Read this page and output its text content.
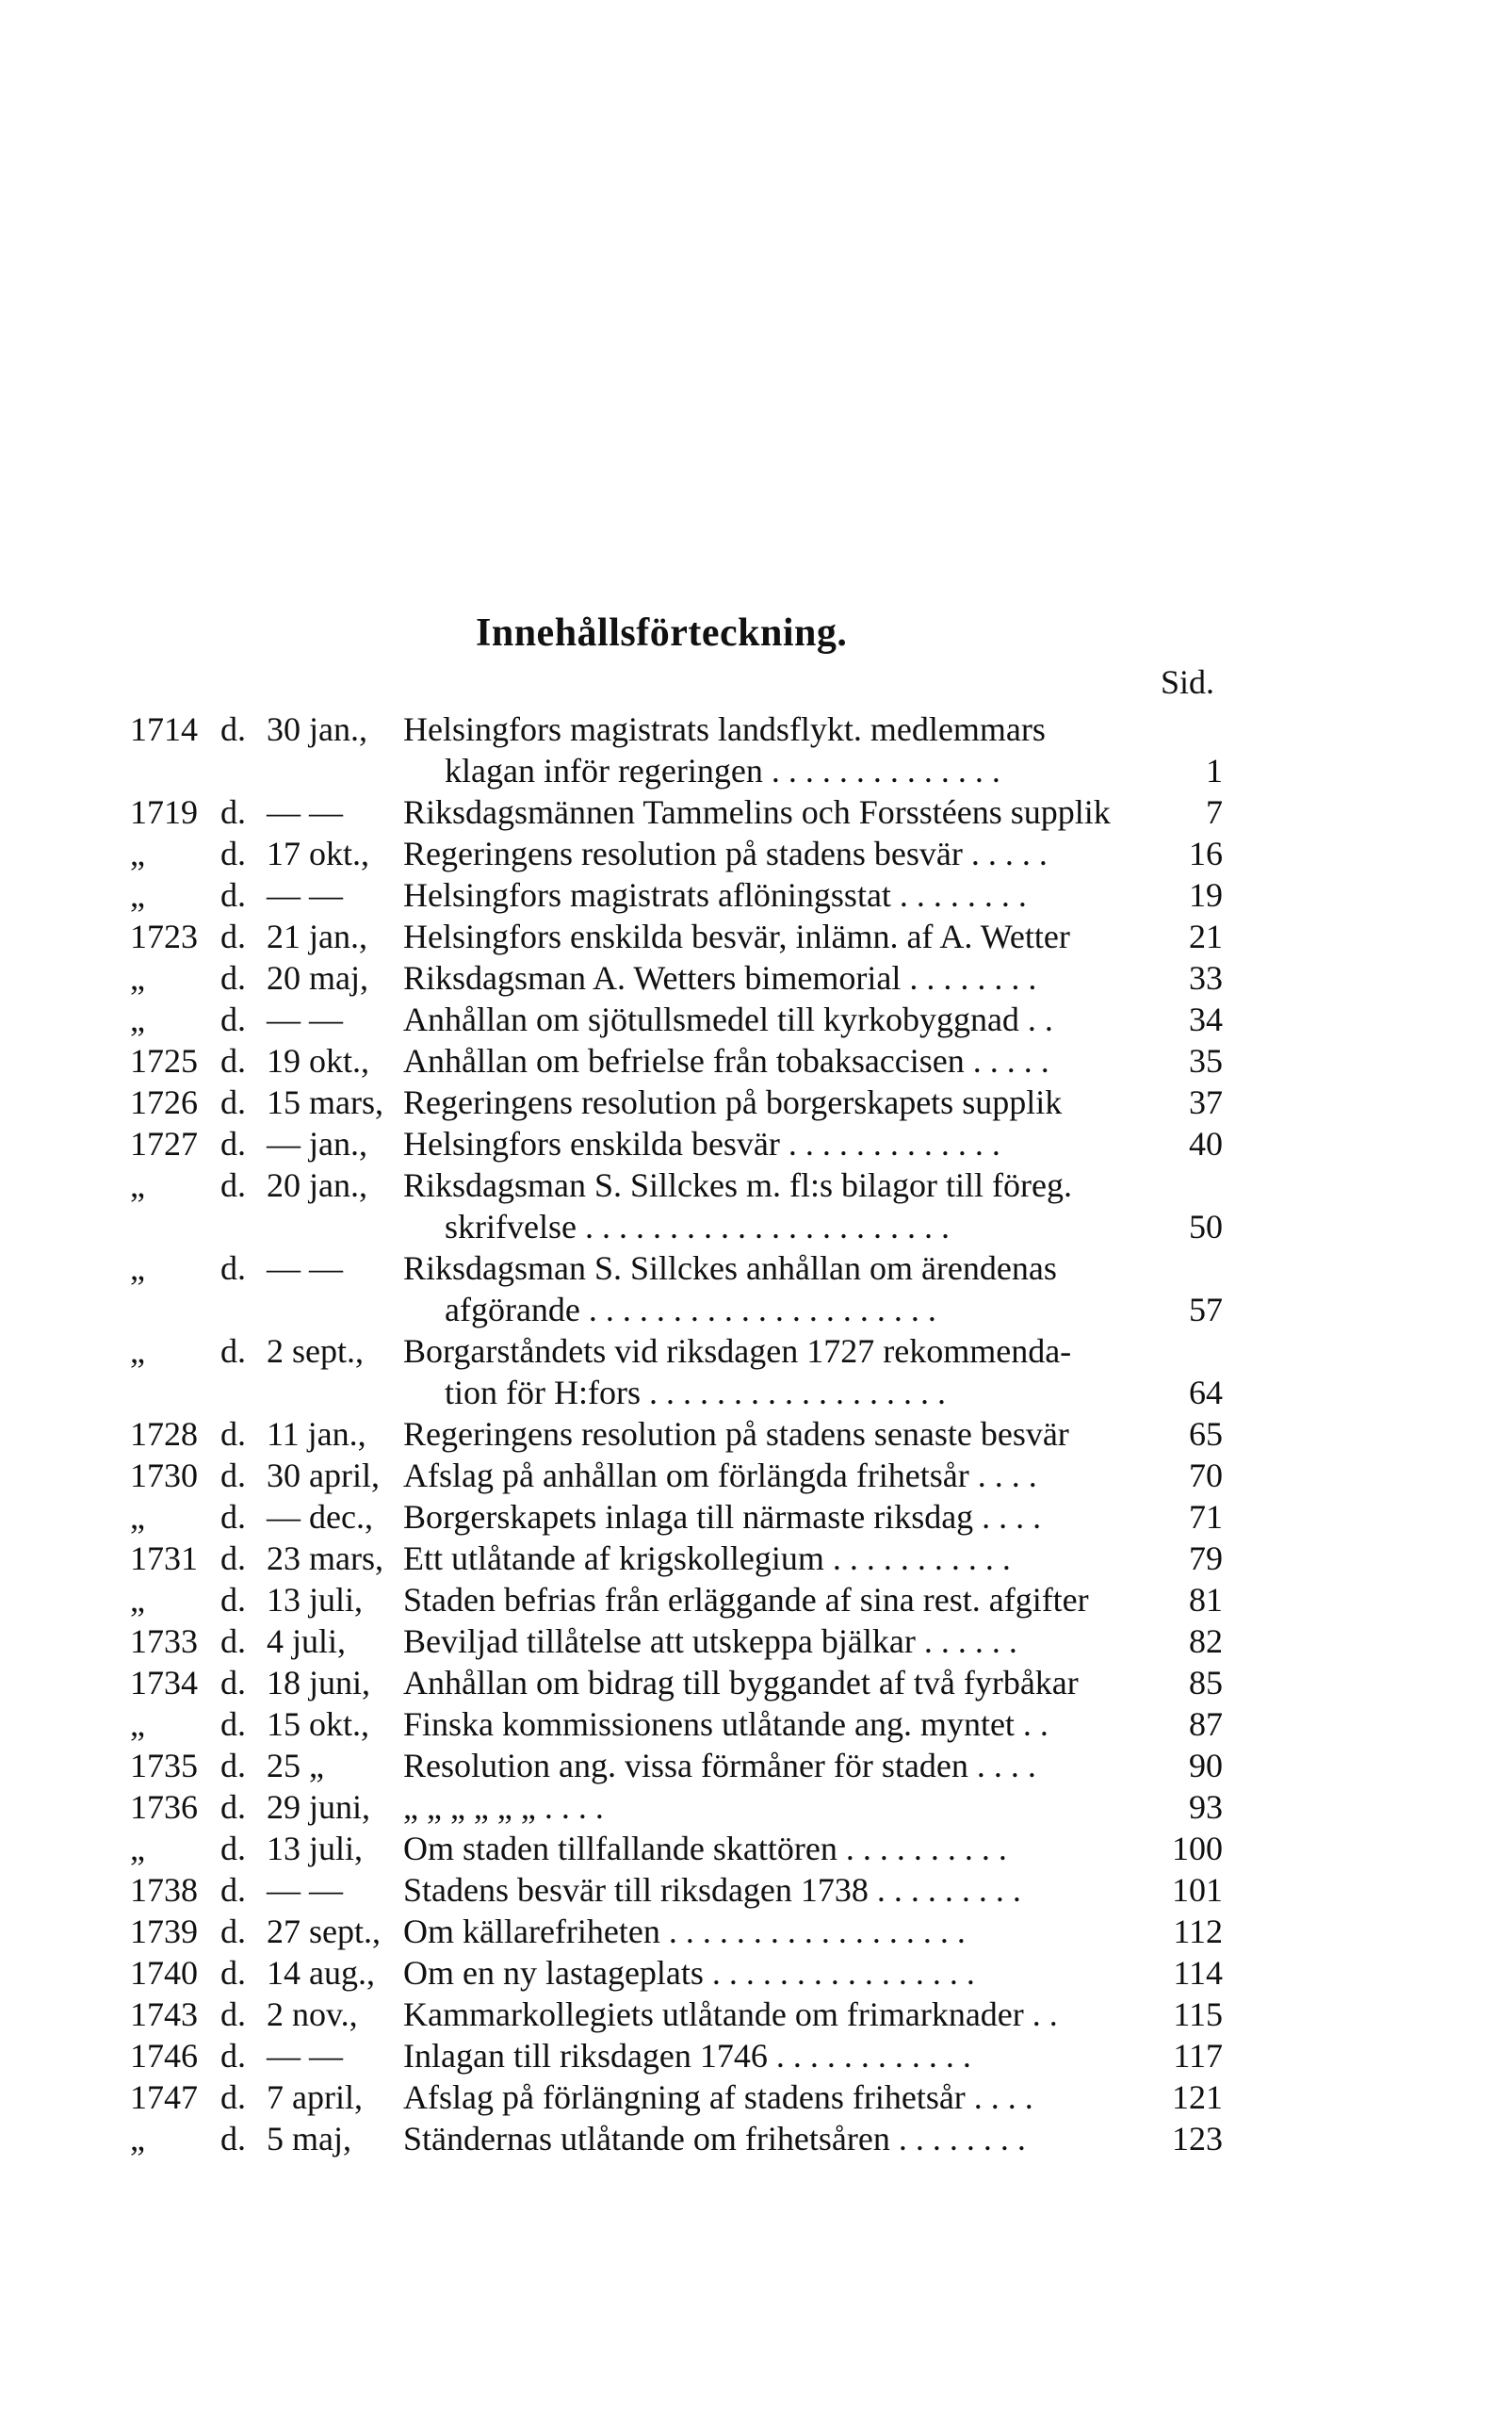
Innehållsförteckning.
Sid.
1714 d. 30 jan.,	Helsingfors magistrats landsflykt. medlemmars
klagan inför regeringen . . . . . . . . . . . . . .	1
1719 d. — —	Riksdagsmännen Tammelins och Forsstéens supplik	7
„	d. 17 okt., Regeringens resolution på stadens besvär . . . . .	16
„	d. — —	Helsingfors magistrats aflöningsstat . . . . . . . .	19
1723 d. 21 jan.,	Helsingfors enskilda besvär, inlämn. af A. Wetter	21
„	d. 20 maj,	Riksdagsman A. Wetters bimemorial . . . . . . . .	33
„	d. — —	Anhållan om sjötullsmedel till kyrkobyggnad . .	34
1725 d. 19 okt., Anhållan om befrielse från tobaksaccisen . . . . .	35
1726 d. 15 mars, Regeringens resolution på borgerskapets supplik	37
1727 d. — jan.,	Helsingfors enskilda besvär . . . . . . . . . . . . .	40
„	d. 20 jan.,	Riksdagsman S. Sillckes m. fl:s bilagor till föreg.
skrifvelse . . . . . . . . . . . . . . . . . . . . . .	50
„	d. — —	Riksdagsman S. Sillckes anhållan om ärendenas
afgörande . . . . . . . . . . . . . . . . . . . . .	57
„	d. 2 sept.,	Borgarståndets vid riksdagen 1727 rekommenda-
tion för H:fors . . . . . . . . . . . . . . . . . .	64
1728 d. 11 jan.,	Regeringens resolution på stadens senaste besvär	65
1730 d. 30 april, Afslag på anhållan om förlängda frihetsår . . . .	70
„	d. — dec., Borgerskapets inlaga till närmaste riksdag . . . .	71
1731 d. 23 mars, Ett utlåtande af krigskollegium . . . . . . . . . . .	79
„	d. 13 juli,	Staden befrias från erläggande af sina rest. afgifter	81
1733 d. 4 juli,	Beviljad tillåtelse att utskeppa bjälkar . . . . . .	82
1734 d. 18 juni, Anhållan om bidrag till byggandet af två fyrbåkar	85
„	d. 15 okt., Finska kommissionens utlåtande ang. myntet . .	87
1735 d. 25 „	Resolution ang. vissa förmåner för staden . . . .	90
1736 d. 29 juni, „ „ „ „ „ „ . . . .	93
„	d. 13 juli,	Om staden tillfallande skattören . . . . . . . . . .	100
1738 d. — —	Stadens besvär till riksdagen 1738 . . . . . . . . .	101
1739 d. 27 sept., Om källarefriheten . . . . . . . . . . . . . . . . . .	112
1740 d. 14 aug., Om en ny lastageplats . . . . . . . . . . . . . . . .	114
1743 d. 2 nov.,	Kammarkollegiets utlåtande om frimarknader . .	115
1746 d. — —	Inlagan till riksdagen 1746 . . . . . . . . . . . .	117
1747 d. 7 april,	Afslag på förlängning af stadens frihetsår . . . .	121
„	d. 5 maj,	Ständernas utlåtande om frihetsåren . . . . . . . .	123
